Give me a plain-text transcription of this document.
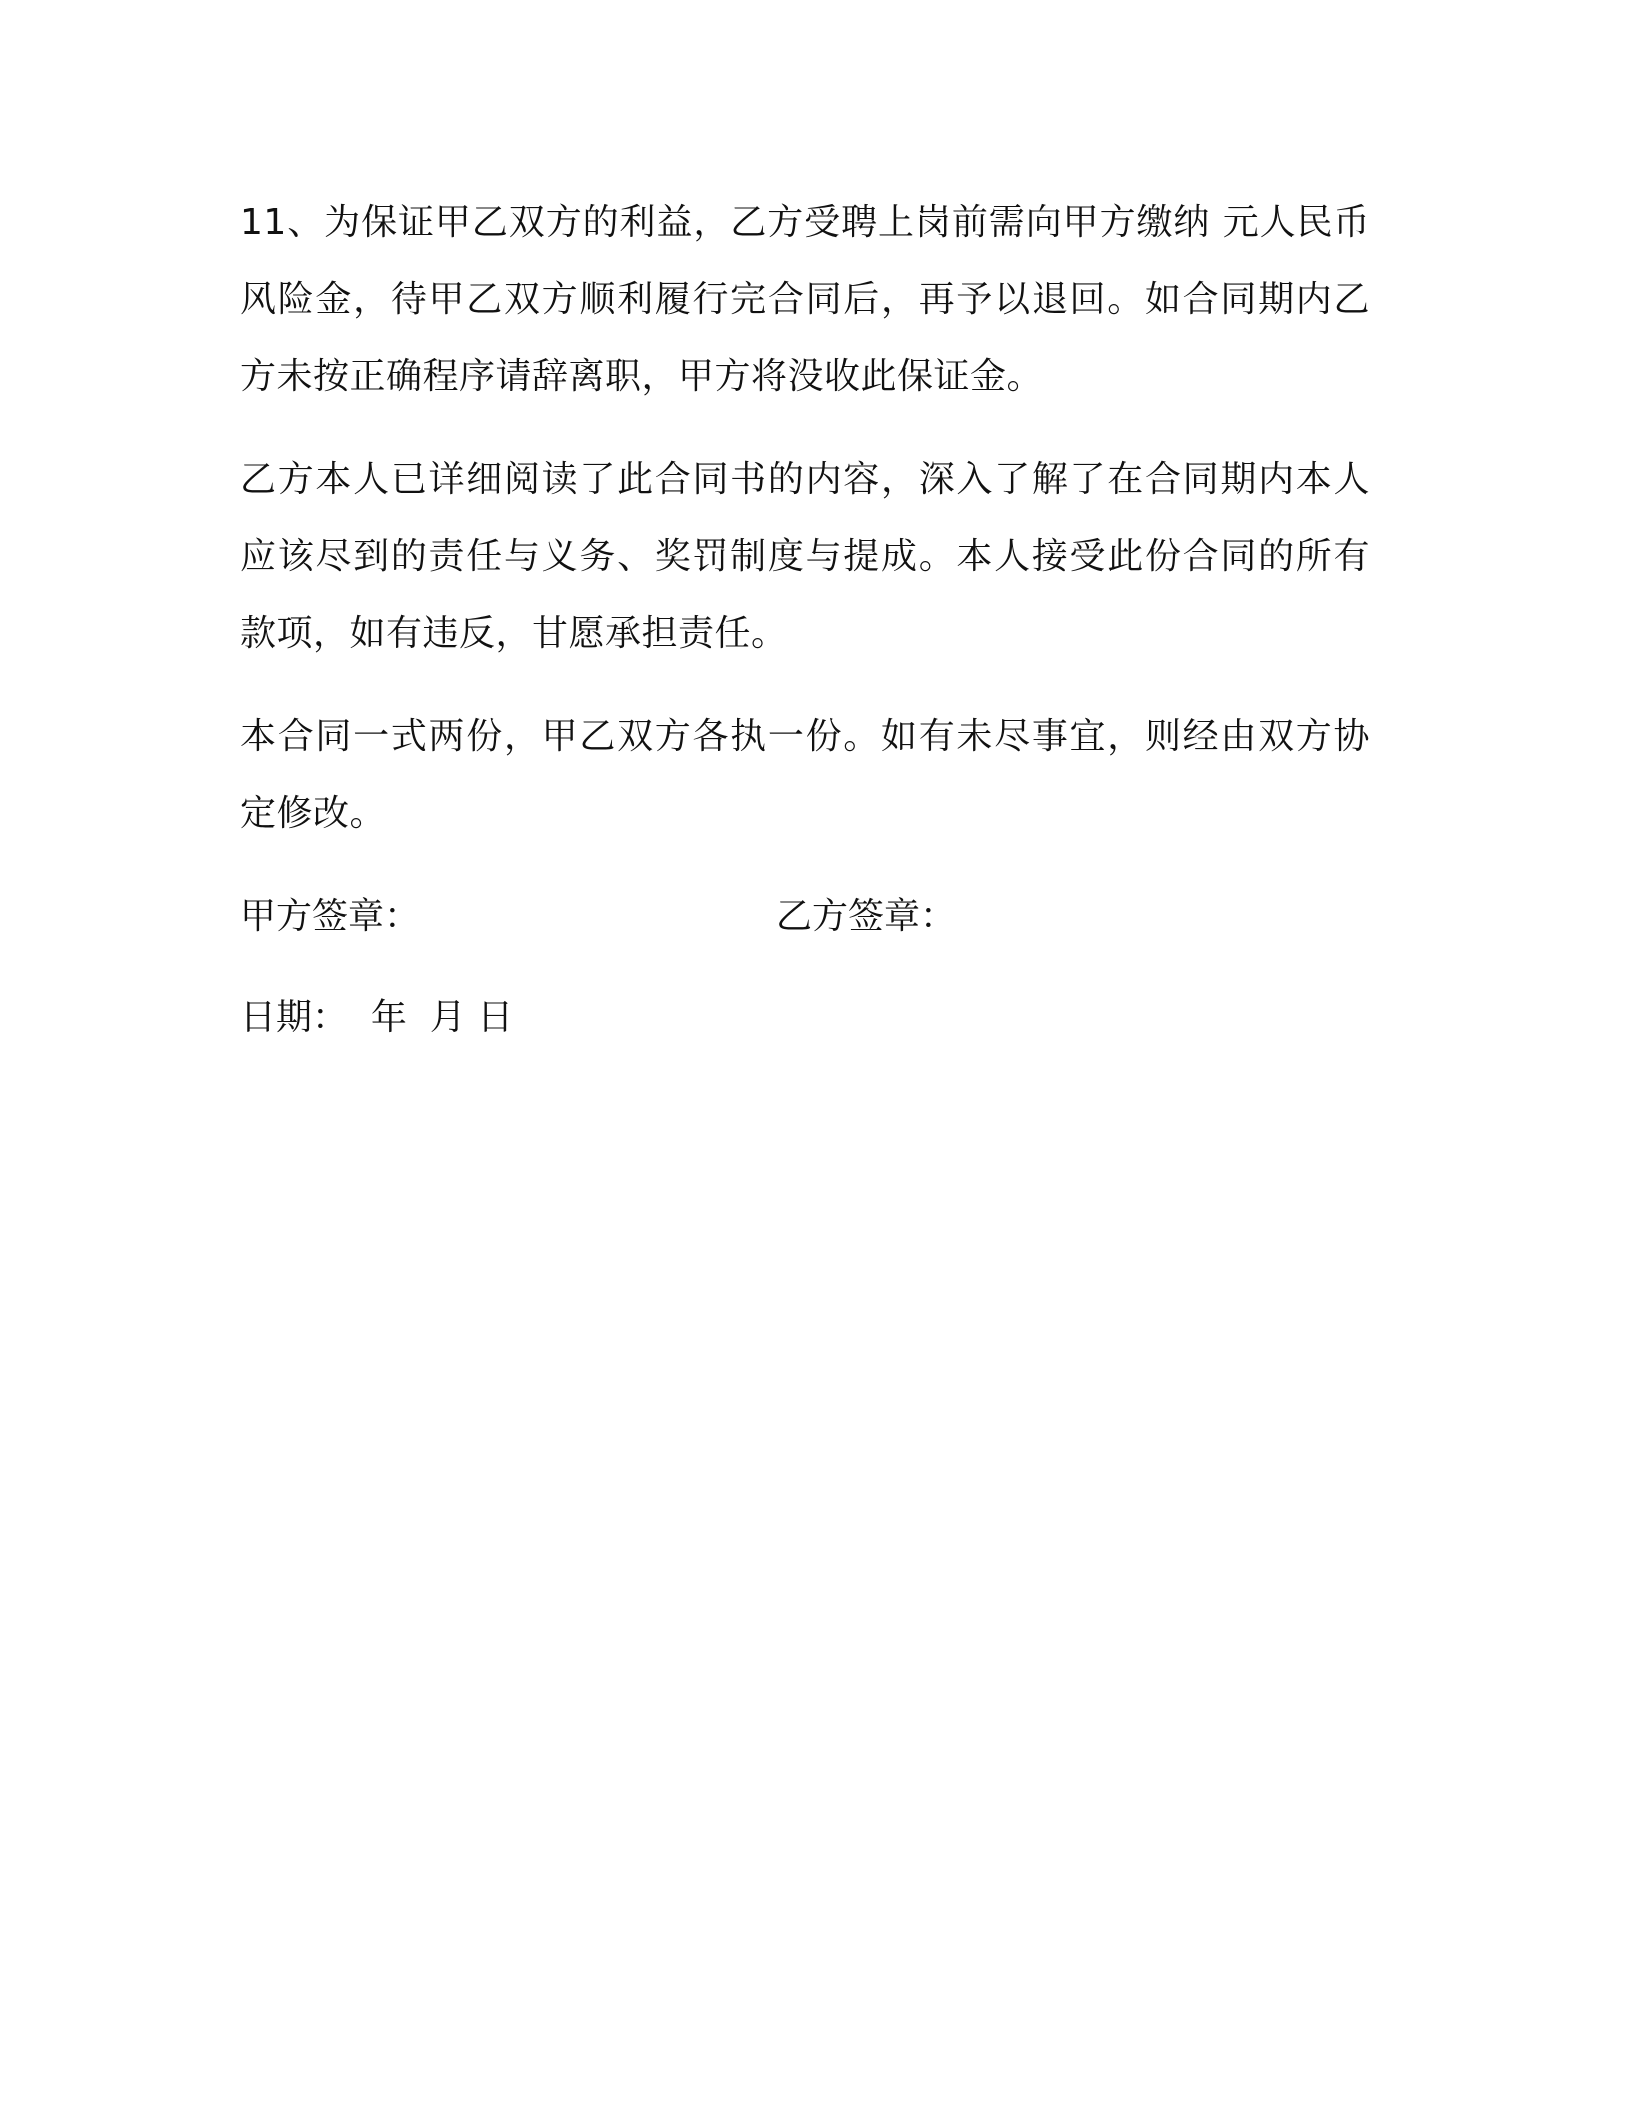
11、为保证甲乙双方的利益，乙方受聘上岗前需向甲方缴纳 元人民币风险金，待甲乙双方顺利履行完合同后，再予以退回。如合同期内乙方未按正确程序请辞离职，甲方将没收此保证金。

乙方本人已详细阅读了此合同书的内容，深入了解了在合同期内本人应该尽到的责任与义务、奖罚制度与提成。本人接受此份合同的所有款项，如有违反，甘愿承担责任。

本合同一式两份，甲乙双方各执一份。如有未尽事宜，则经由双方协定修改。

甲方签章：	乙方签章：
日期：  年  月 日
